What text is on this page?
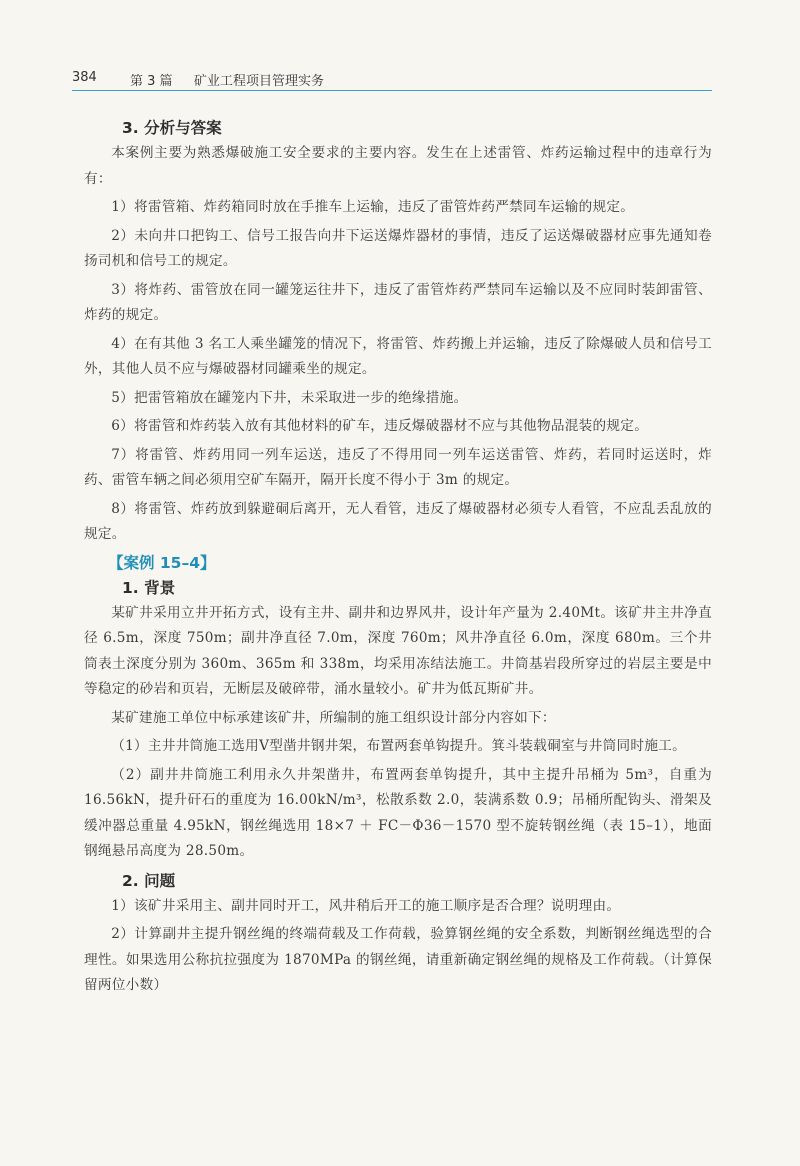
384	第 3 篇 矿业工程项目管理实务
3. 分析与答案

本案例主要为熟悉爆破施工安全要求的主要内容。发生在上述雷管、炸药运输过程中的违章行为有：

1）将雷管箱、炸药箱同时放在手推车上运输，违反了雷管炸药严禁同车运输的规定。

2）未向井口把钩工、信号工报告向井下运送爆炸器材的事情，违反了运送爆破器材应事先通知卷扬司机和信号工的规定。

3）将炸药、雷管放在同一罐笼运往井下，违反了雷管炸药严禁同车运输以及不应同时装卸雷管、炸药的规定。

4）在有其他 3 名工人乘坐罐笼的情况下，将雷管、炸药搬上并运输，违反了除爆破人员和信号工外，其他人员不应与爆破器材同罐乘坐的规定。

5）把雷管箱放在罐笼内下井，未采取进一步的绝缘措施。

6）将雷管和炸药装入放有其他材料的矿车，违反爆破器材不应与其他物品混装的规定。

7）将雷管、炸药用同一列车运送，违反了不得用同一列车运送雷管、炸药，若同时运送时，炸药、雷管车辆之间必须用空矿车隔开，隔开长度不得小于 3m 的规定。

8）将雷管、炸药放到躲避硐后离开，无人看管，违反了爆破器材必须专人看管，不应乱丢乱放的规定。

【案例 15–4】
1. 背景

某矿井采用立井开拓方式，设有主井、副井和边界风井，设计年产量为 2.40Mt。该矿井主井净直径 6.5m，深度 750m；副井净直径 7.0m，深度 760m；风井净直径 6.0m，深度 680m。三个井筒表土深度分别为 360m、365m 和 338m，均采用冻结法施工。井筒基岩段所穿过的岩层主要是中等稳定的砂岩和页岩，无断层及破碎带，涌水量较小。矿井为低瓦斯矿井。

某矿建施工单位中标承建该矿井，所编制的施工组织设计部分内容如下：

（1）主井井筒施工选用Ⅴ型凿井钢井架，布置两套单钩提升。箕斗装载硐室与井筒同时施工。

（2）副井井筒施工利用永久井架凿井，布置两套单钩提升，其中主提升吊桶为 5m³，自重为 16.56kN，提升矸石的重度为 16.00kN/m³，松散系数 2.0，装满系数 0.9；吊桶所配钩头、滑架及缓冲器总重量 4.95kN，钢丝绳选用 18×7 ＋ FC－Φ36－1570 型不旋转钢丝绳（表 15–1），地面钢绳悬吊高度为 28.50m。

2. 问题

1）该矿井采用主、副井同时开工，风井稍后开工的施工顺序是否合理？说明理由。

2）计算副井主提升钢丝绳的终端荷载及工作荷载，验算钢丝绳的安全系数，判断钢丝绳选型的合理性。如果选用公称抗拉强度为 1870MPa 的钢丝绳，请重新确定钢丝绳的规格及工作荷载。（计算保留两位小数）
